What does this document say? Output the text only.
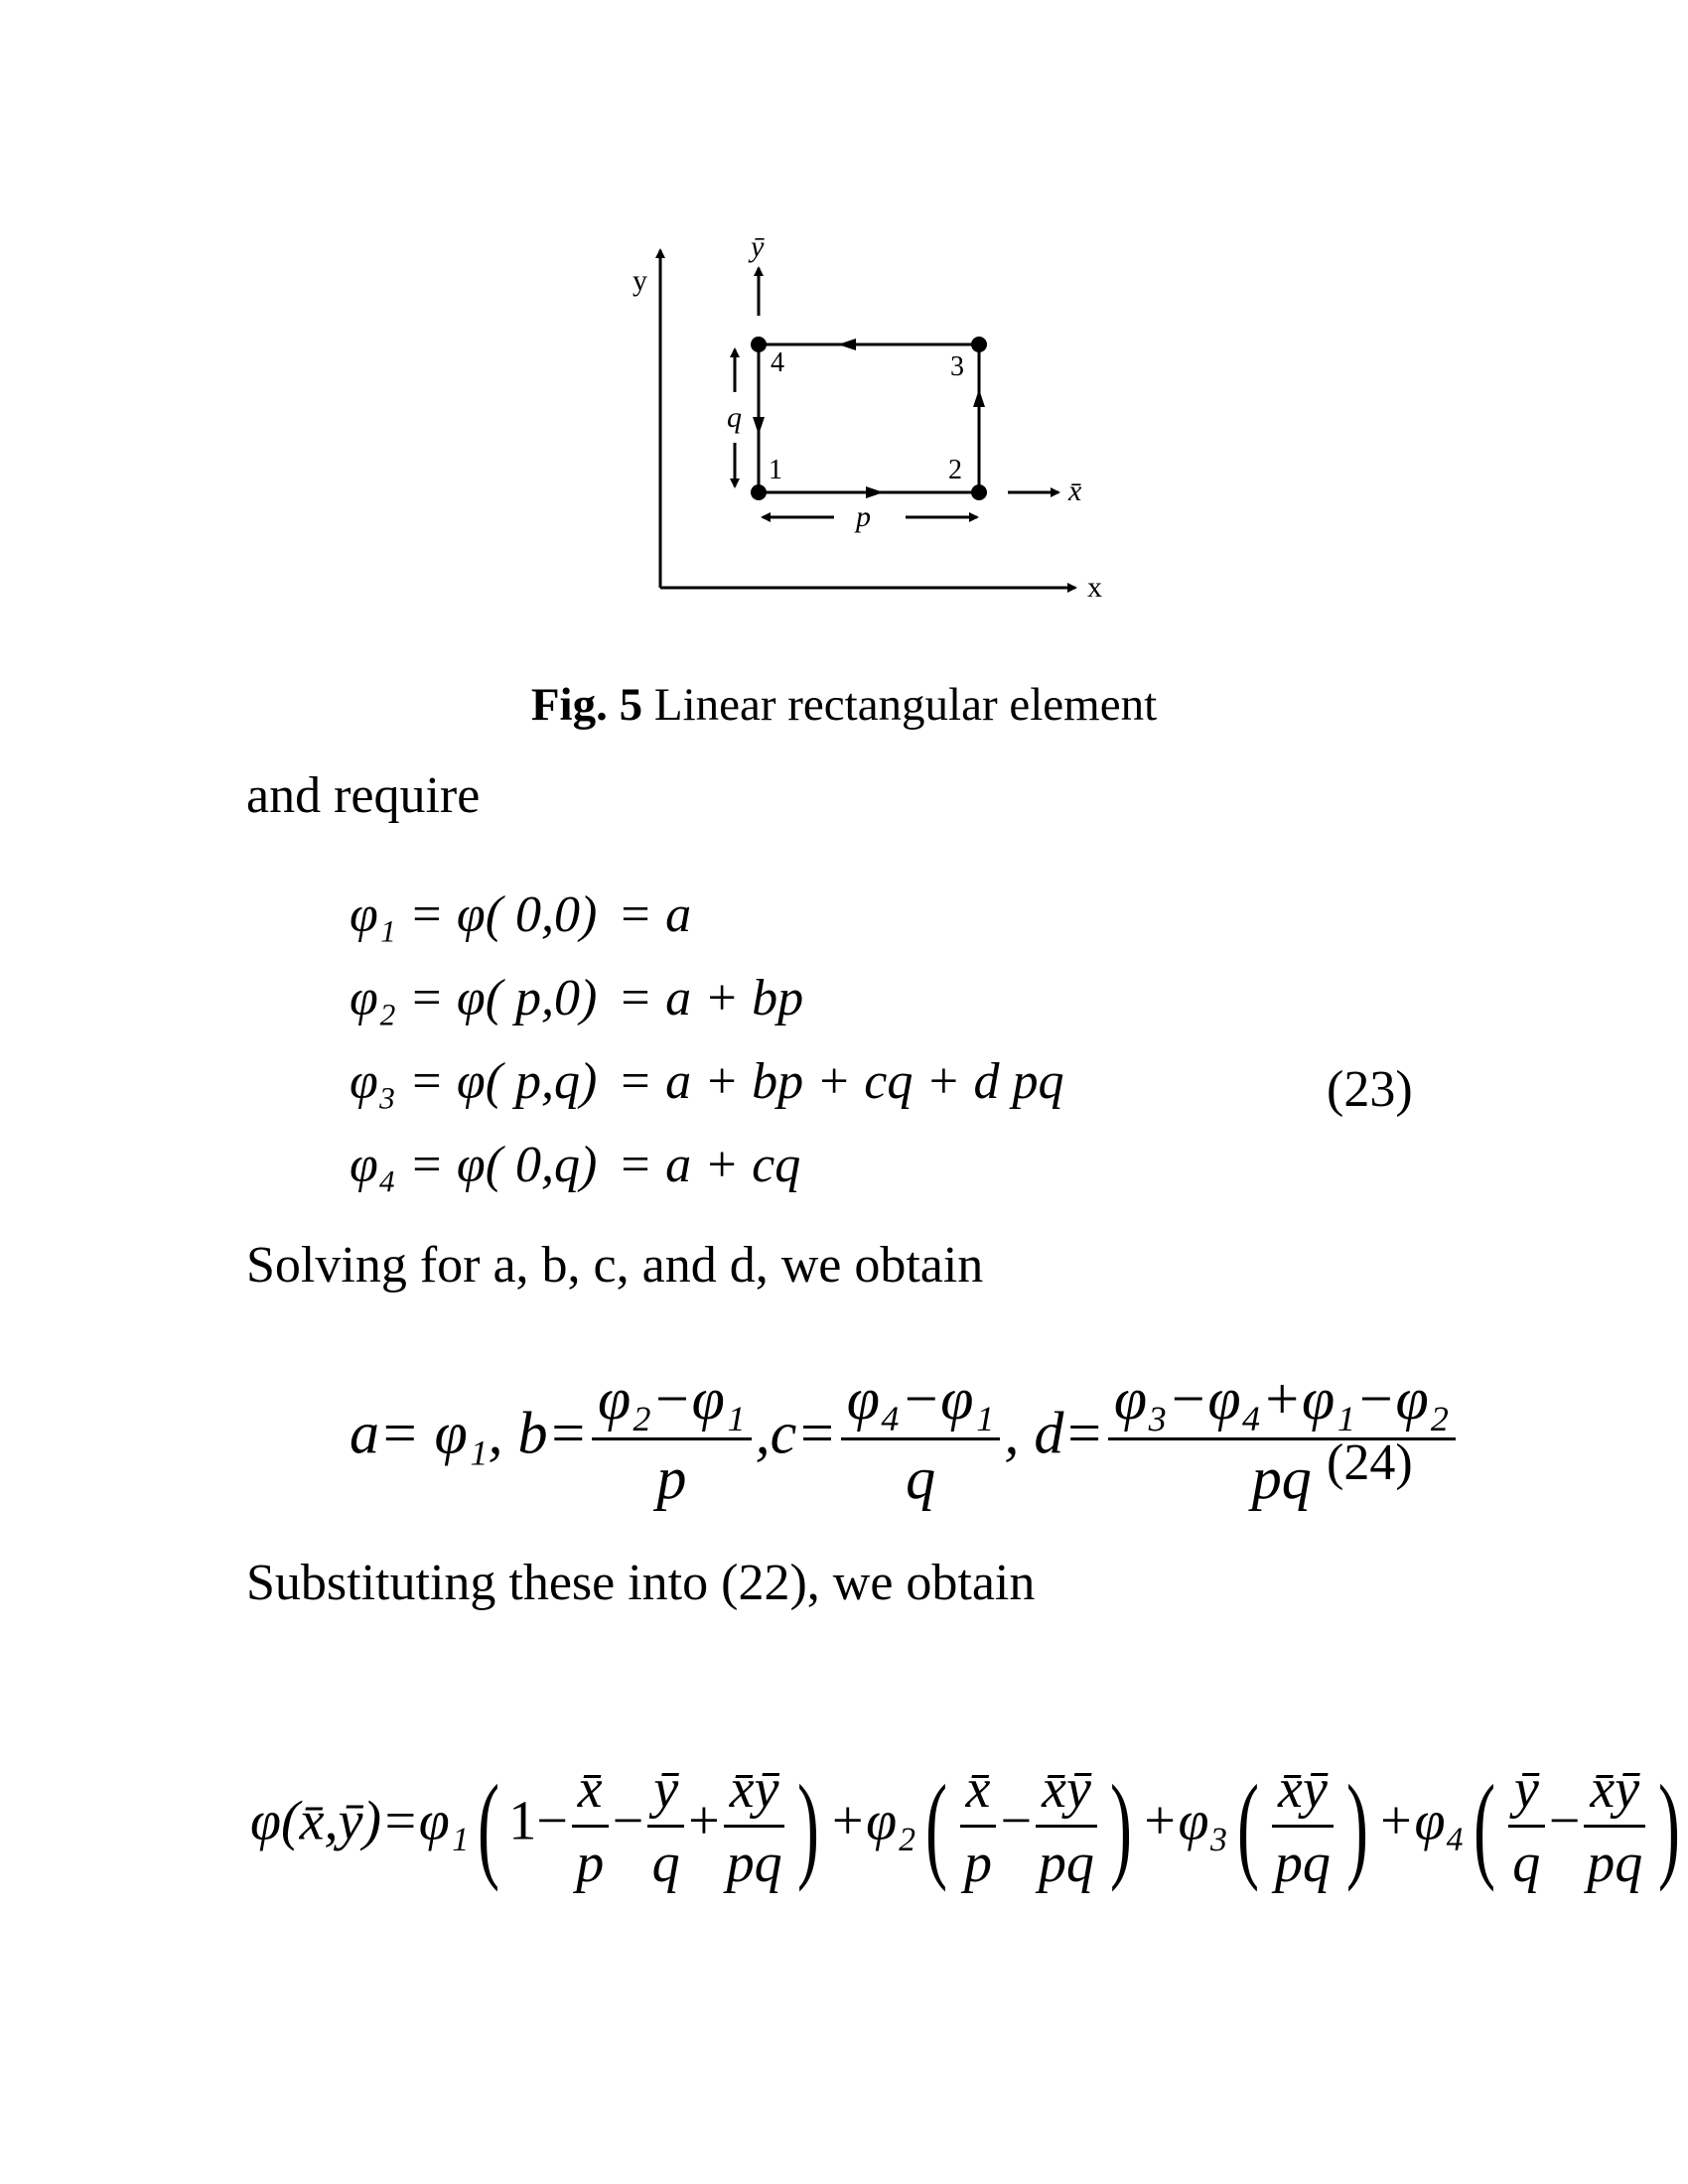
y
x
ȳ
x̄
1	2
3
4
p
q
Fig. 5 Linear rectangular element
and require
φ₁ = φ( 0,0) = a
φ₂ = φ( p,0) = a + bp
φ₃ = φ( p,q) = a + bp + cq + d pq
φ₄ = φ( 0,q) = a + cq
(23)
Solving for a, b, c, and d, we obtain
a= φ₁, $b= \frac{\text{φ₂−φ₁}}{p} ,c= \frac{\text{φ₄−φ₁}}{q}$ , $d= \frac{\text{φ₃−φ₄+φ₁−φ₂}}{pq}$
(24)
Substituting these into (22), we obtain
φ(x̄,ȳ)=φ₁( $1- \frac{x̄}{p} - \frac{ȳ}{q} + \frac{x̄ȳ}{pq}$ ) $+\varphi_2( \frac{x̄}{p} - \frac{x̄ȳ}{pq}$ ) $+\varphi_3( \frac{x̄ȳ}{pq}$ ) $+\varphi_4( \frac{ȳ}{q} - \frac{x̄ȳ}{pq}$ )
